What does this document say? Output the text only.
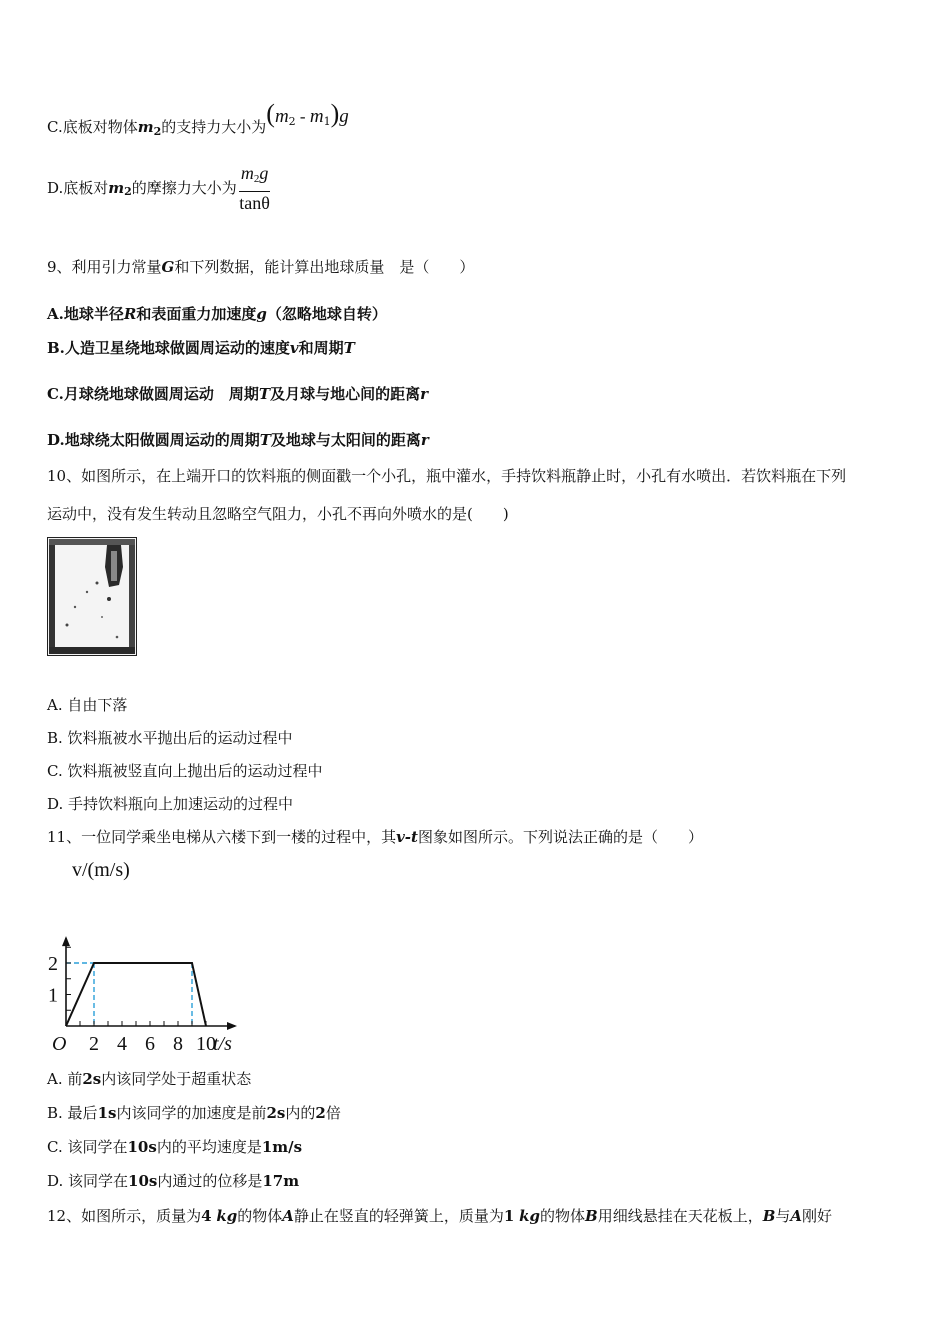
C.底板对物体$m_2$的支持力大小为$(m_2 - m_1)g$
D.底板对$m_2$的摩擦力大小为 $\frac{m_2g}{\tan\theta}$
9、利用引力常量G和下列数据，能计算出地球质量　是（　　）
A.地球半径R和表面重力加速度g（忽略地球自转）
B.人造卫星绕地球做圆周运动的速度v和周期T
C.月球绕地球做圆周运动　周期T及月球与地心间的距离r
D.地球绕太阳做圆周运动的周期T及地球与太阳间的距离r
10、如图所示，在上端开口的饮料瓶的侧面戳一个小孔，瓶中灌水，手持饮料瓶静止时，小孔有水喷出．若饮料瓶在下列
运动中，没有发生转动且忽略空气阻力，小孔不再向外喷水的是(　　)
A. 自由下落
B. 饮料瓶被水平抛出后的运动过程中
C. 饮料瓶被竖直向上抛出后的运动过程中
D. 手持饮料瓶向上加速运动的过程中
11、一位同学乘坐电梯从六楼下到一楼的过程中，其v-t图象如图所示。下列说法正确的是（　　）
2 4 6 8 10
1
2
O	t/s
v/(m/s)
A. 前2s内该同学处于超重状态
B. 最后1s内该同学的加速度是前2s内的2倍
C. 该同学在10s内的平均速度是1m/s
D. 该同学在10s内通过的位移是17m
12、如图所示，质量为4 kg的物体A静止在竖直的轻弹簧上，质量为1 kg的物体B用细线悬挂在天花板上，B与A刚好
